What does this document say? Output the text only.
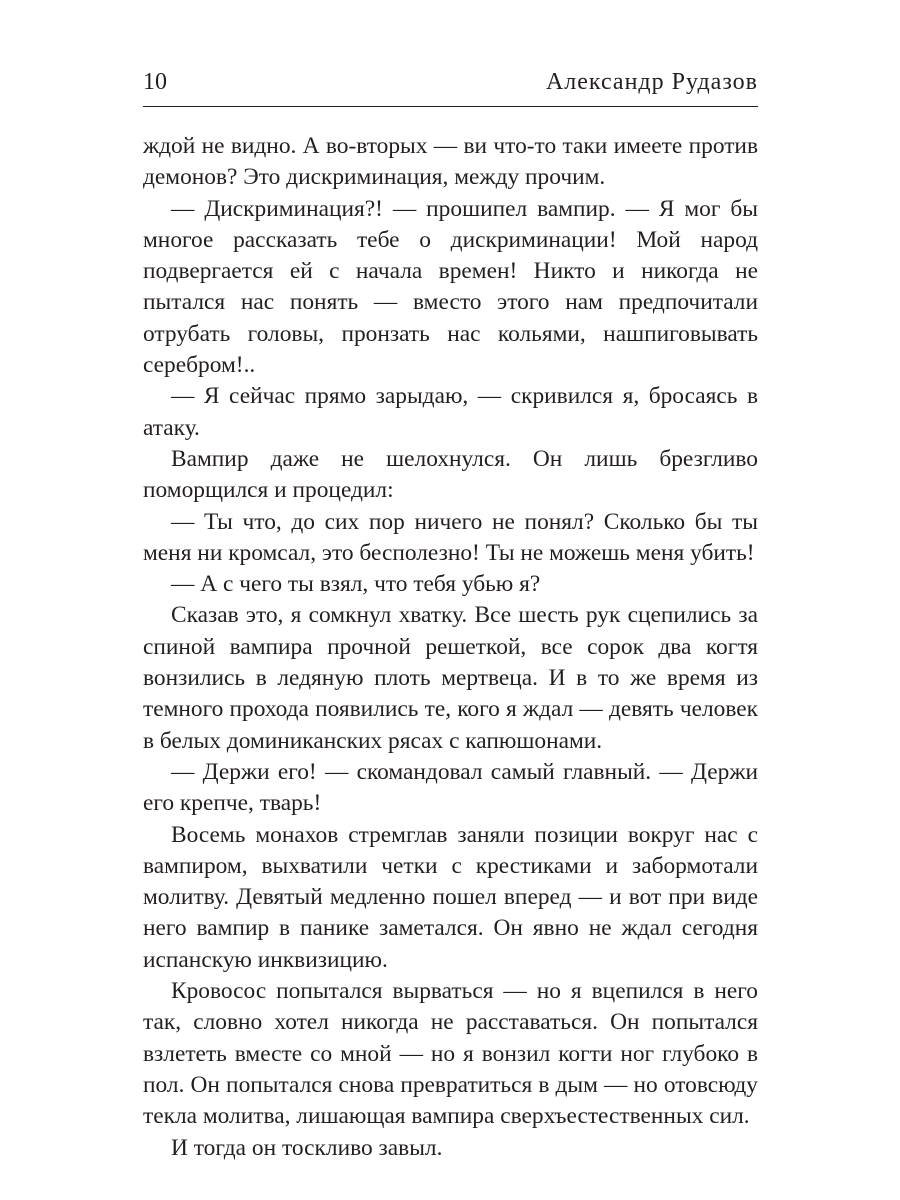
10	Александр Рудазов

ждой не видно. А во-вторых — ви что-то таки имеете против демонов? Это дискриминация, между прочим.

— Дискриминация?! — прошипел вампир. — Я мог бы многое рассказать тебе о дискриминации! Мой народ подвергается ей с начала времен! Никто и никогда не пытался нас понять — вместо этого нам предпочитали отрубать головы, пронзать нас кольями, нашпиговывать серебром!..

— Я сейчас прямо зарыдаю, — скривился я, бросаясь в атаку.

Вампир даже не шелохнулся. Он лишь брезгливо поморщился и процедил:

— Ты что, до сих пор ничего не понял? Сколько бы ты меня ни кромсал, это бесполезно! Ты не можешь меня убить!

— А с чего ты взял, что тебя убью я?

Сказав это, я сомкнул хватку. Все шесть рук сцепились за спиной вампира прочной решеткой, все сорок два когтя вонзились в ледяную плоть мертвеца. И в то же время из темного прохода появились те, кого я ждал — девять человек в белых доминиканских рясах с капюшонами.

— Держи его! — скомандовал самый главный. — Держи его крепче, тварь!

Восемь монахов стремглав заняли позиции вокруг нас с вампиром, выхватили четки с крестиками и забормотали молитву. Девятый медленно пошел вперед — и вот при виде него вампир в панике заметался. Он явно не ждал сегодня испанскую инквизицию.

Кровосос попытался вырваться — но я вцепился в него так, словно хотел никогда не расставаться. Он попытался взлететь вместе со мной — но я вонзил когти ног глубоко в пол. Он попытался снова превратиться в дым — но отовсюду текла молитва, лишающая вампира сверхъестественных сил.

И тогда он тоскливо завыл.
